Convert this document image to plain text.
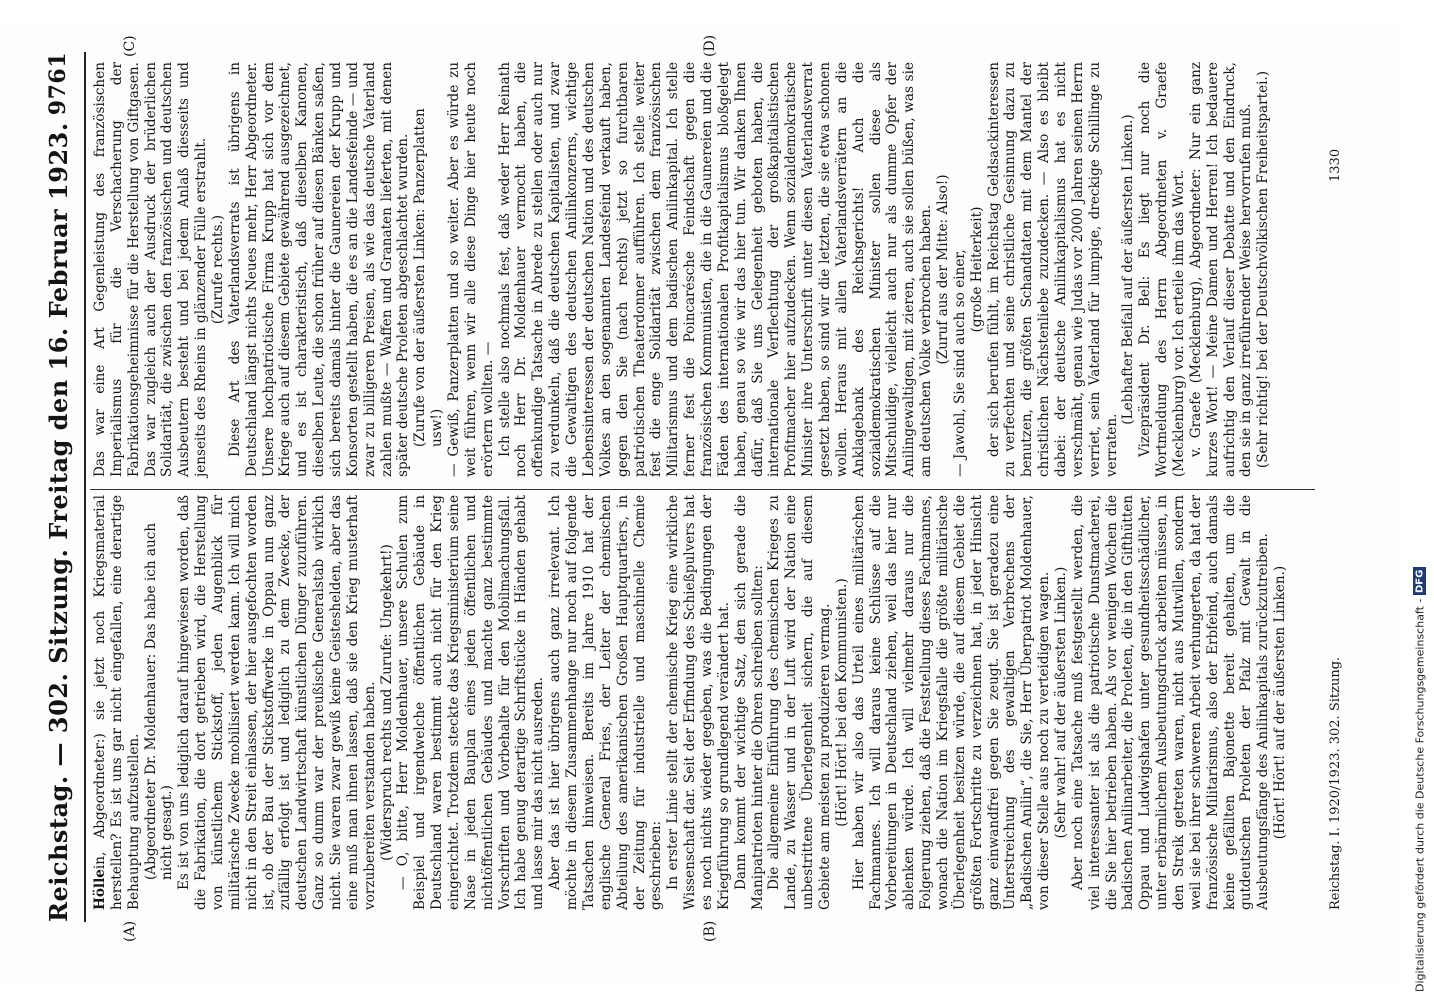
Reichstag. — 302. Sitzung. Freitag den 16. Februar 1923.
9761
(A)	(B)
(C)	(D)

Höllein, Abgeordneter:) sie jetzt noch Kriegsmaterial herstellen? Es ist uns gar nicht eingefallen, eine derartige Behauptung aufzustellen. (Abgeordneter Dr. Moldenhauer: Das habe ich auch nicht gesagt.) Es ist von uns lediglich darauf hingewiesen worden, daß die Fabrikation, die dort getrieben wird, die Herstellung von künstlichem Stickstoff, jeden Augenblick für militärische Zwecke mobilisiert werden kann. Ich will mich nicht in den Streit einlassen, der hier ausgefochten worden ist, ob der Bau der Stickstoffwerke in Oppau nun ganz zufällig erfolgt ist und lediglich zu dem Zwecke, der deutschen Landwirtschaft künstlichen Dünger zuzuführen. Ganz so dumm war der preußische Generalstab wirklich nicht. Sie waren zwar gewiß keine Geisteshelden, aber das eine muß man ihnen lassen, daß sie den Krieg musterhaft vorzubereiten verstanden haben. (Widerspruch rechts und Zurufe: Ungekehrt!) — O, bitte, Herr Moldenhauer, unsere Schulen zum Beispiel und irgendwelche öffentlichen Gebäude in Deutschland waren bestimmt auch nicht für den Krieg eingerichtet. Trotzdem steckte das Kriegsministerium seine Nase in jeden Bauplan eines jeden öffentlichen und nichtöffentlichen Gebäudes und machte ganz bestimmte Vorschriften und Vorbehalte für den Mobilmachungsfall. Ich habe genug derartige Schriftstücke in Händen gehabt und lasse mir das nicht ausreden. Aber das ist hier übrigens auch ganz irrelevant. Ich möchte in diesem Zusammenhange nur noch auf folgende Tatsachen hinweisen. Bereits im Jahre 1910 hat der englische General Fries, der Leiter der chemischen Abteilung des amerikanischen Großen Hauptquartiers, in der Zeitung für industrielle und maschinelle Chemie geschrieben: In erster Linie stellt der chemische Krieg eine wirkliche Wissenschaft dar. Seit der Erfindung des Schießpulvers hat es noch nichts wieder gegeben, was die Bedingungen der Kriegführung so grundlegend verändert hat. Dann kommt der wichtige Satz, den sich gerade die Manipatrioten hinter die Ohren schreiben sollten: Die allgemeine Einführung des chemischen Krieges zu Lande, zu Wasser und in der Luft wird der Nation eine unbestrittene Überlegenheit sichern, die auf diesem Gebiete am meisten zu produzieren vermag. (Hört! Hört! bei den Kommunisten.) Hier haben wir also das Urteil eines militärischen Fachmannes. Ich will daraus keine Schlüsse auf die Vorbereitungen in Deutschland ziehen, weil das hier nur ablenken würde. Ich will vielmehr daraus nur die Folgerung ziehen, daß die Feststellung dieses Fachmannes, wonach die Nation im Kriegsfalle die größte militärische Überlegenheit besitzen würde, die auf diesem Gebiet die größten Fortschritte zu verzeichnen hat, in jeder Hinsicht ganz einwandfrei gegen Sie zeugt. Sie ist geradezu eine Unterstreichung des gewaltigen Verbrechens der „Badischen Anilin“, die Sie, Herr Überpatriot Moldenhauer, von dieser Stelle aus noch zu verteidigen wagen. (Sehr wahr! auf der äußersten Linken.) Aber noch eine Tatsache muß festgestellt werden, die viel interessanter ist als die patriotische Dunstmacherei, die Sie hier betrieben haben. Als vor wenigen Wochen die badischen Anilinarbeiter, die Proleten, die in den Gifthütten Oppau und Ludwigshafen unter gesundheitsschädlicher, unter erbärmlichem Ausbeutungsdruck arbeiten müssen, in den Streik getreten waren, nicht aus Mutwillen, sondern weil sie bei ihrer schweren Arbeit verhungerten, da hat der französische Militarismus, also der Erbfeind, auch damals keine gefällten Bajonette bereit gehalten, um die gutdeutschen Proleten der Pfalz mit Gewalt in die Ausbeutungsfänge des Anilinkapitals zurückzutreiben. (Hört! Hört! auf der äußersten Linken.)

Das war eine Art Gegenleistung des französischen Imperialismus für die Verschacherung der Fabrikationsgeheimnisse für die Herstellung von Giftgasen. Das war zugleich auch der Ausdruck der brüderlichen Solidarität, die zwischen den französischen und deutschen Ausbeutern besteht und bei jedem Anlaß diesseits und jenseits des Rheins in glänzender Fülle erstrahlt. (Zurufe rechts.) Diese Art des Vaterlandsverrats ist übrigens in Deutschland längst nichts Neues mehr, Herr Abgeordneter. Unsere hochpatriotische Firma Krupp hat sich vor dem Kriege auch auf diesem Gebiete gewährend ausgezeichnet, und es ist charakteristisch, daß dieselben Kanonen, dieselben Leute, die schon früher auf diesen Bänken saßen, sich bereits damals hinter die Gaunereien der Krupp und Konsorten gestellt haben, die es an die Landesfeinde — und zwar zu billigeren Preisen, als wie das deutsche Vaterland zahlen mußte — Waffen und Granaten lieferten, mit denen später deutsche Proleten abgeschlachtet wurden. (Zurufe von der äußersten Linken: Panzerplatten usw!) — Gewiß, Panzerplatten und so weiter. Aber es würde zu weit führen, wenn wir alle diese Dinge hier heute noch erörtern wollten. — Ich stelle also nochmals fest, daß weder Herr Reinath noch Herr Dr. Moldenhauer vermocht haben, die offenkundige Tatsache in Abrede zu stellen oder auch nur zu verdunkeln, daß die deutschen Kapitalisten, und zwar die Gewaltigen des deutschen Anilinkonzerns, wichtige Lebensinteressen der deutschen Nation und des deutschen Volkes an den sogenannten Landesfeind verkauft haben, gegen den Sie (nach rechts) jetzt so furchtbaren patriotischen Theaterdonner aufführen. Ich stelle weiter fest die enge Solidarität zwischen dem französischen Militarismus und dem badischen Anilinkapital. Ich stelle ferner fest die Poincarésche Feindschaft gegen die französischen Kommunisten, die in die Gaunereien und die Fäden des internationalen Profitkapitalismus bloßgelegt haben, genau so wie wir das hier tun. Wir danken Ihnen dafür, daß Sie uns Gelegenheit geboten haben, die internationale Verflechtung der großkapitalistischen Profitmacher hier aufzudecken. Wenn sozialdemokratische Minister ihre Unterschrift unter diesen Vaterlandsverrat gesetzt haben, so sind wir die letzten, die sie etwa schonen wollen. Heraus mit allen Vaterlandsverrätern an die Anklagebank des Reichsgerichts! Auch die sozialdemokratischen Minister sollen diese als Mitschuldige, vielleicht auch nur als dumme Opfer der Anilingewaltigen, mit zieren, auch sie sollen büßen, was sie am deutschen Volke verbrochen haben. (Zuruf aus der Mitte: Also!) — Jawohl, Sie sind auch so einer, (große Heiterkeit) der sich berufen fühlt, im Reichstag Geldsackinteressen zu verfechten und seine christliche Gesinnung dazu zu benutzen, die größten Schandtaten mit dem Mantel der christlichen Nächstenliebe zuzudecken. — Also es bleibt dabei: der deutsche Anilinkapitalismus hat es nicht verschmäht, genau wie Judas vor 2000 Jahren seinen Herrn verriet, sein Vaterland für lumpige, dreckige Schillinge zu verraten.

(Lebhafter Beifall auf der äußersten Linken.) Vizepräsident Dr. Bell: Es liegt nur noch die Wortmeldung des Herrn Abgeordneten v. Graefe (Mecklenburg) vor. Ich erteile ihm das Wort. v. Graefe (Mecklenburg), Abgeordneter: Nur ein ganz kurzes Wort! — Meine Damen und Herren! Ich bedauere aufrichtig den Verlauf dieser Debatte und den Eindruck, den sie in ganz irreführender Weise hervorrufen muß. (Sehr richtig! bei der Deutschvölkischen Freiheitspartei.)

Reichstag. I. 1920/1923. 302. Sitzung.
1330
Digitalisierung gefördert durch die Deutsche Forschungsgemeinschaft -
DFG
